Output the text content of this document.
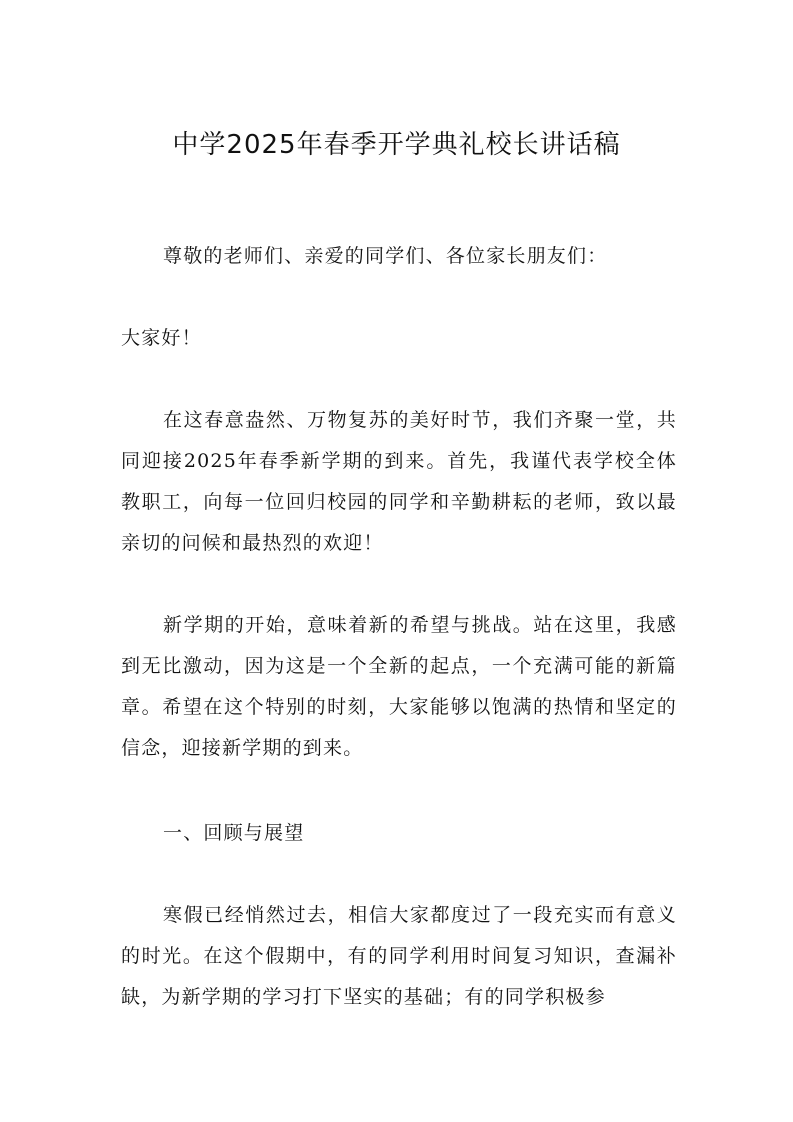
中学2025年春季开学典礼校长讲话稿

尊敬的老师们、亲爱的同学们、各位家长朋友们：

大家好！

在这春意盎然、万物复苏的美好时节，我们齐聚一堂，共同迎接2025年春季新学期的到来。首先，我谨代表学校全体教职工，向每一位回归校园的同学和辛勤耕耘的老师，致以最亲切的问候和最热烈的欢迎！

新学期的开始，意味着新的希望与挑战。站在这里，我感到无比激动，因为这是一个全新的起点，一个充满可能的新篇章。希望在这个特别的时刻，大家能够以饱满的热情和坚定的信念，迎接新学期的到来。

一、回顾与展望

寒假已经悄然过去，相信大家都度过了一段充实而有意义的时光。在这个假期中，有的同学利用时间复习知识，查漏补缺，为新学期的学习打下坚实的基础；有的同学积极参
